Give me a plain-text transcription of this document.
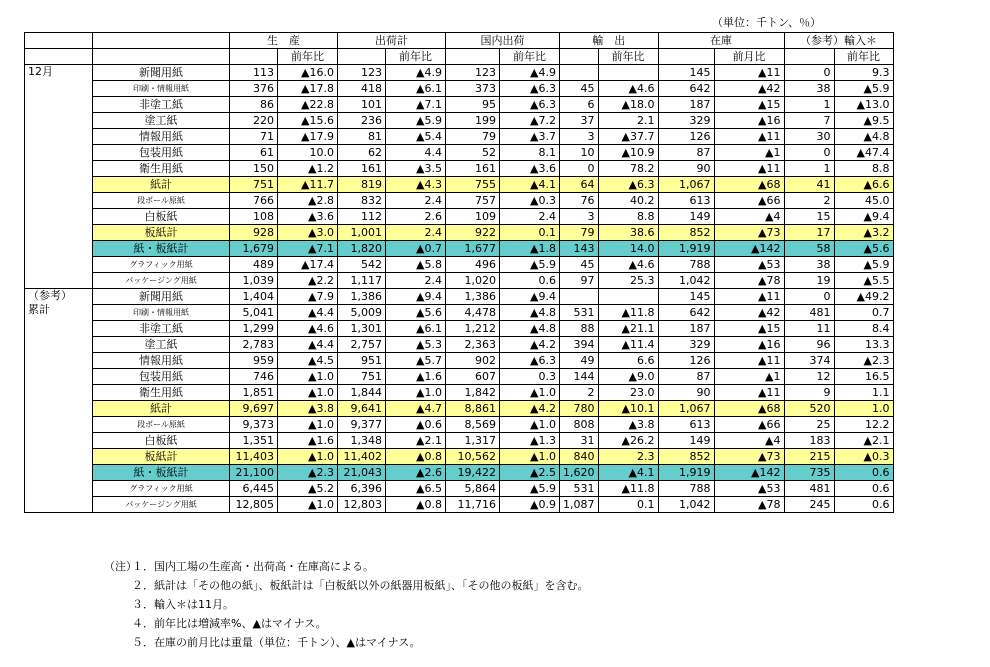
（単位：千トン、％）
		生　産		出荷計		国内出荷		輸　出		在庫		（参考）輸入＊	
			前年比		前年比		前年比		前年比		前月比		前年比

12月	新聞用紙	113	▲16.0	123	▲4.9	123	▲4.9			145	▲11	0	9.3
	印刷・情報用紙	376	▲17.8	418	▲6.1	373	▲6.3	45	▲4.6	642	▲42	38	▲5.9
	非塗工紙	86	▲22.8	101	▲7.1	95	▲6.3	6	▲18.0	187	▲15	1	▲13.0
	塗工紙	220	▲15.6	236	▲5.9	199	▲7.2	37	2.1	329	▲16	7	▲9.5
	情報用紙	71	▲17.9	81	▲5.4	79	▲3.7	3	▲37.7	126	▲11	30	▲4.8
	包装用紙	61	10.0	62	4.4	52	8.1	10	▲10.9	87	▲1	0	▲47.4
	衛生用紙	150	▲1.2	161	▲3.5	161	▲3.6	0	78.2	90	▲11	1	8.8
	紙計	751	▲11.7	819	▲4.3	755	▲4.1	64	▲6.3	1,067	▲68	41	▲6.6
	段ボール原紙	766	▲2.8	832	2.4	757	▲0.3	76	40.2	613	▲66	2	45.0
	白板紙	108	▲3.6	112	2.6	109	2.4	3	8.8	149	▲4	15	▲9.4
	板紙計	928	▲3.0	1,001	2.4	922	0.1	79	38.6	852	▲73	17	▲3.2
	紙・板紙計	1,679	▲7.1	1,820	▲0.7	1,677	▲1.8	143	14.0	1,919	▲142	58	▲5.6
	グラフィック用紙	489	▲17.4	542	▲5.8	496	▲5.9	45	▲4.6	788	▲53	38	▲5.9
	パッケージング用紙	1,039	▲2.2	1,117	2.4	1,020	0.6	97	25.3	1,042	▲78	19	▲5.5

（参考）
累計	新聞用紙	1,404	▲7.9	1,386	▲9.4	1,386	▲9.4			145	▲11	0	▲49.2
	印刷・情報用紙	5,041	▲4.4	5,009	▲5.6	4,478	▲4.8	531	▲11.8	642	▲42	481	0.7
	非塗工紙	1,299	▲4.6	1,301	▲6.1	1,212	▲4.8	88	▲21.1	187	▲15	11	8.4
	塗工紙	2,783	▲4.4	2,757	▲5.3	2,363	▲4.2	394	▲11.4	329	▲16	96	13.3
	情報用紙	959	▲4.5	951	▲5.7	902	▲6.3	49	6.6	126	▲11	374	▲2.3
	包装用紙	746	▲1.0	751	▲1.6	607	0.3	144	▲9.0	87	▲1	12	16.5
	衛生用紙	1,851	▲1.0	1,844	▲1.0	1,842	▲1.0	2	23.0	90	▲11	9	1.1
	紙計	9,697	▲3.8	9,641	▲4.7	8,861	▲4.2	780	▲10.1	1,067	▲68	520	1.0
	段ボール原紙	9,373	▲1.0	9,377	▲0.6	8,569	▲1.0	808	▲3.8	613	▲66	25	12.2
	白板紙	1,351	▲1.6	1,348	▲2.1	1,317	▲1.3	31	▲26.2	149	▲4	183	▲2.1
	板紙計	11,403	▲1.0	11,402	▲0.8	10,562	▲1.0	840	2.3	852	▲73	215	▲0.3
	紙・板紙計	21,100	▲2.3	21,043	▲2.6	19,422	▲2.5	1,620	▲4.1	1,919	▲142	735	0.6
	グラフィック用紙	6,445	▲5.2	6,396	▲6.5	5,864	▲5.9	531	▲11.8	788	▲53	481	0.6
	パッケージング用紙	12,805	▲1.0	12,803	▲0.8	11,716	▲0.9	1,087	0.1	1,042	▲78	245	0.6
（注）１．国内工場の生産高・出荷高・在庫高による。
２．紙計は「その他の紙」、板紙計は「白板紙以外の紙器用板紙」、「その他の板紙」を含む。
３．輸入＊は11月。
４．前年比は増減率%、▲はマイナス。
５．在庫の前月比は重量（単位：千トン）、▲はマイナス。
